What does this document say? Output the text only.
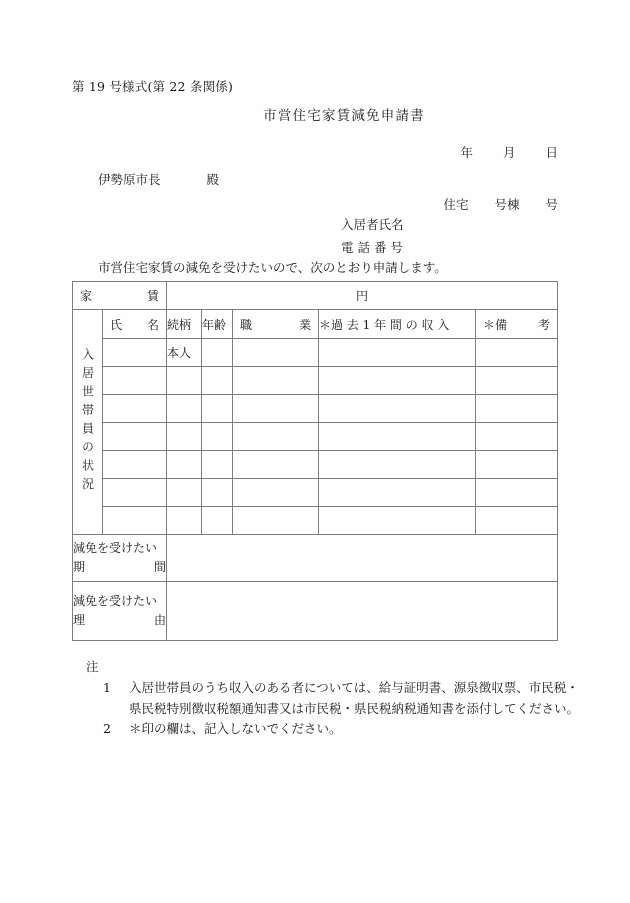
第 19 号様式(第 22 条関係)
市営住宅家賃減免申請書
年 月 日
伊勢原市長	殿
住宅 号棟 号
入居者氏名
電 話 番 号
市営住宅家賃の減免を受けたいので、次のとおり申請します。
家 賃		円				

入居世帯員の状況	氏 名	続柄	年齢	職 業	＊過 去 1 年 間 の 収 入	＊備 考

		本人				

減免を受けたい
期 間						

減免を受けたい
理 由						

注
1	入居世帯員のうち収入のある者については、給与証明書、源泉徴収票、市民税・
県民税特別徴収税額通知書又は市民税・県民税納税通知書を添付してください。
2	＊印の欄は、記入しないでください。
